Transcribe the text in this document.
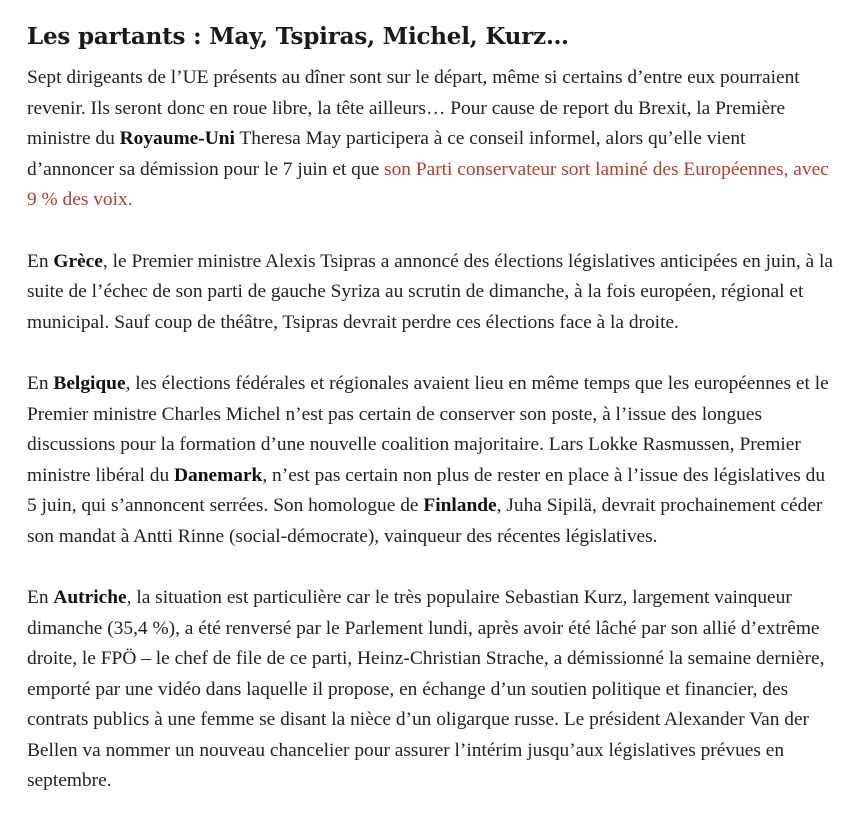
Les partants : May, Tspiras, Michel, Kurz…

Sept dirigeants de l’UE présents au dîner sont sur le départ, même si certains d’entre eux pourraient revenir. Ils seront donc en roue libre, la tête ailleurs… Pour cause de report du Brexit, la Première ministre du Royaume-Uni Theresa May participera à ce conseil informel, alors qu’elle vient d’annoncer sa démission pour le 7 juin et que son Parti conservateur sort laminé des Européennes, avec 9 % des voix.

En Grèce, le Premier ministre Alexis Tsipras a annoncé des élections législatives anticipées en juin, à la suite de l’échec de son parti de gauche Syriza au scrutin de dimanche, à la fois européen, régional et municipal. Sauf coup de théâtre, Tsipras devrait perdre ces élections face à la droite.

En Belgique, les élections fédérales et régionales avaient lieu en même temps que les européennes et le Premier ministre Charles Michel n’est pas certain de conserver son poste, à l’issue des longues discussions pour la formation d’une nouvelle coalition majoritaire. Lars Lokke Rasmussen, Premier ministre libéral du Danemark, n’est pas certain non plus de rester en place à l’issue des législatives du 5 juin, qui s’annoncent serrées. Son homologue de Finlande, Juha Sipilä, devrait prochainement céder son mandat à Antti Rinne (social-démocrate), vainqueur des récentes législatives.

En Autriche, la situation est particulière car le très populaire Sebastian Kurz, largement vainqueur dimanche (35,4 %), a été renversé par le Parlement lundi, après avoir été lâché par son allié d’extrême droite, le FPÖ – le chef de file de ce parti, Heinz-Christian Strache, a démissionné la semaine dernière, emporté par une vidéo dans laquelle il propose, en échange d’un soutien politique et financier, des contrats publics à une femme se disant la nièce d’un oligarque russe. Le président Alexander Van der Bellen va nommer un nouveau chancelier pour assurer l’intérim jusqu’aux législatives prévues en septembre.
